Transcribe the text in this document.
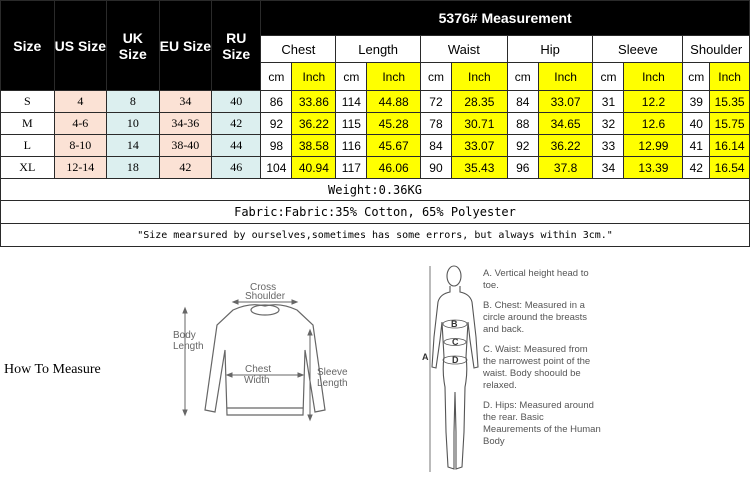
Size	US Size	UK Size	EU Size	RU Size	5376# Measurement											
					Chest		Length		Waist		Hip		Sleeve		Shoulder	
					cm	Inch	cm	Inch	cm	Inch	cm	Inch	cm	Inch	cm	Inch
S	4	8	34	40	86	33.86	114	44.88	72	28.35	84	33.07	31	12.2	39	15.35
M	4-6	10	34-36	42	92	36.22	115	45.28	78	30.71	88	34.65	32	12.6	40	15.75
L	8-10	14	38-40	44	98	38.58	116	45.67	84	33.07	92	36.22	33	12.99	41	16.14
XL	12-14	18	42	46	104	40.94	117	46.06	90	35.43	96	37.8	34	13.39	42	16.54
Weight:0.36KG																
Fabric:Fabric:35% Cotton, 65% Polyester																
"Size mearsured by ourselves,sometimes has some errors, but always within 3cm."																
How To Measure
Cross
Shoulder
Body
Length
Chest
Width
Sleeve
Length
A
B
C
D
A. Vertical height head to toe.
B. Chest: Measured in a circle around the breasts and back.
C. Waist: Measured from the narrowest point of the waist. Body shoould be relaxed.
D. Hips: Measured around the rear. Basic Meaurements of the Human Body
